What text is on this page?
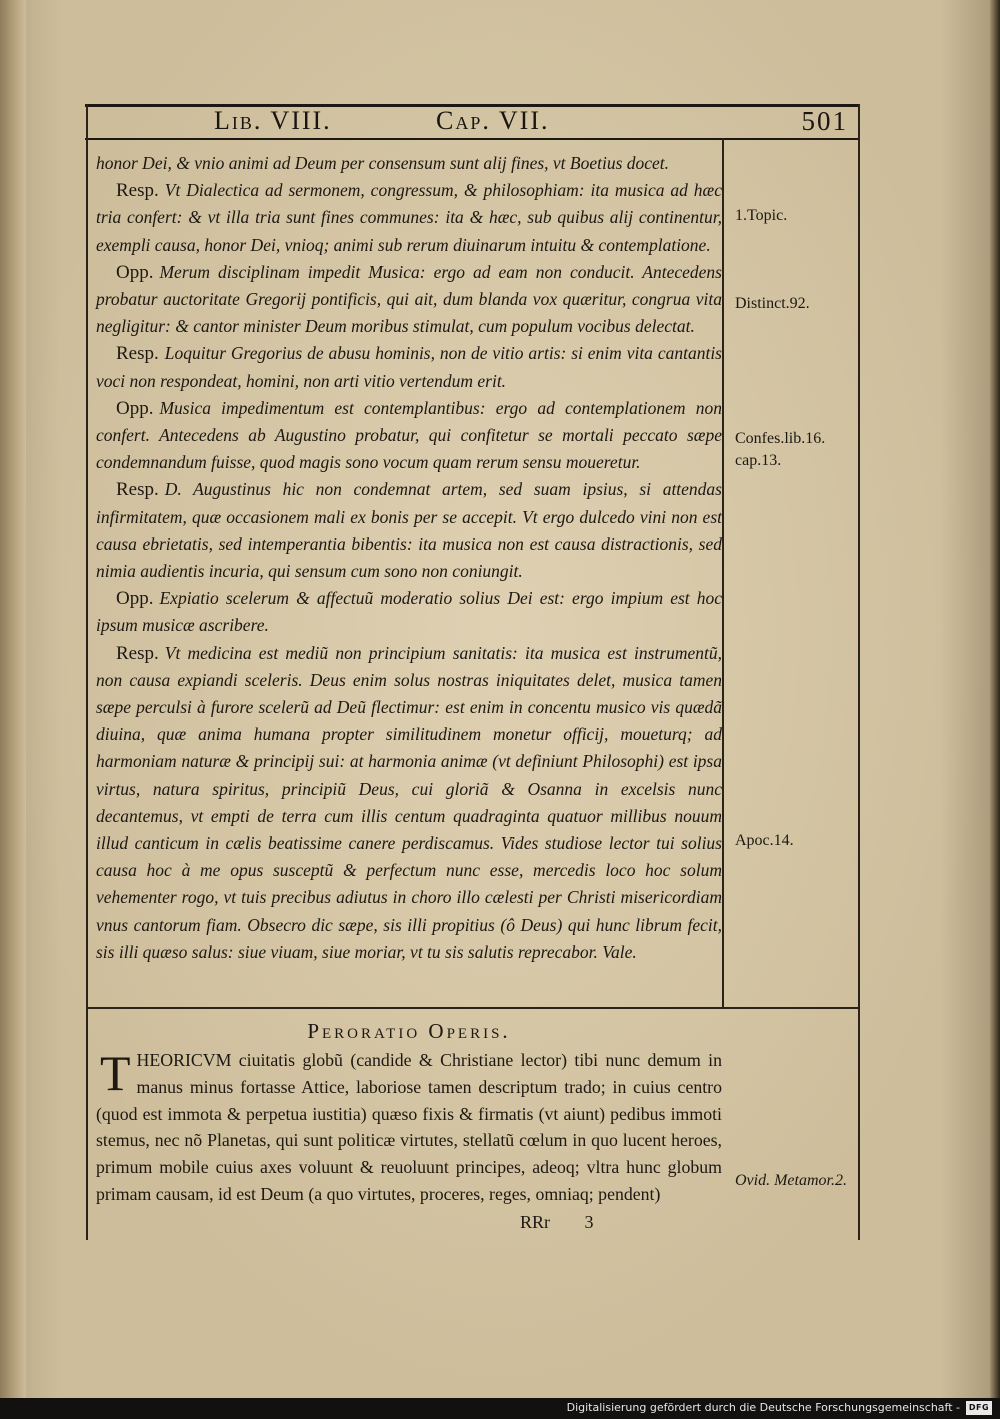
Lib. VIII.	Cap. VII.	501

honor Dei, & vnio animi ad Deum per consensum sunt alij fines, vt Boetius docet.

Resp. Vt Dialectica ad sermonem, congressum, & philosophiam: ita musica ad hæc tria confert: & vt illa tria sunt fines communes: ita & hæc, sub quibus alij continentur, exempli causa, honor Dei, vnioq; animi sub rerum diuinarum intuitu & contemplatione.

Opp. Merum disciplinam impedit Musica: ergo ad eam non conducit. Antecedens probatur auctoritate Gregorij pontificis, qui ait, dum blanda vox quæritur, congrua vita negligitur: & cantor minister Deum moribus stimulat, cum populum vocibus delectat.

Resp. Loquitur Gregorius de abusu hominis, non de vitio artis: si enim vita cantantis voci non respondeat, homini, non arti vitio vertendum erit.

Opp. Musica impedimentum est contemplantibus: ergo ad contemplationem non confert. Antecedens ab Augustino probatur, qui confitetur se mortali peccato sæpe condemnandum fuisse, quod magis sono vocum quam rerum sensu moueretur.

Resp. D. Augustinus hic non condemnat artem, sed suam ipsius, si attendas infirmitatem, quæ occasionem mali ex bonis per se accepit. Vt ergo dulcedo vini non est causa ebrietatis, sed intemperantia bibentis: ita musica non est causa distractionis, sed nimia audientis incuria, qui sensum cum sono non coniungit.

Opp. Expiatio scelerum & affectuũ moderatio solius Dei est: ergo impium est hoc ipsum musicæ ascribere.

Resp. Vt medicina est mediũ non principium sanitatis: ita musica est instrumentũ, non causa expiandi sceleris. Deus enim solus nostras iniquitates delet, musica tamen sæpe perculsi à furore scelerũ ad Deũ flectimur: est enim in concentu musico vis quædã diuina, quæ anima humana propter similitudinem monetur officij, moueturq; ad harmoniam naturæ & principij sui: at harmonia animæ (vt definiunt Philosophi) est ipsa virtus, natura spiritus, principiũ Deus, cui gloriã & Osanna in excelsis nunc decantemus, vt empti de terra cum illis centum quadraginta quatuor millibus nouum illud canticum in cælis beatissime canere perdiscamus. Vides studiose lector tui solius causa hoc à me opus susceptũ & perfectum nunc esse, mercedis loco hoc solum vehementer rogo, vt tuis precibus adiutus in choro illo cælesti per Christi misericordiam vnus cantorum fiam. Obsecro dic sæpe, sis illi propitius (ô Deus) qui hunc librum fecit, sis illi quæso salus: siue viuam, siue moriar, vt tu sis salutis reprecabor. Vale.

1.Topic.
Distinct.92.
Confes.lib.16. cap.13.
Apoc.14.
Ovid. Metamor.2.
Peroratio Operis.

THEORICVM ciuitatis globũ (candide & Christiane lector) tibi nunc demum in manus minus fortasse Attice, laboriose tamen descriptum trado; in cuius centro (quod est immota & perpetua iustitia) quæso fixis & firmatis (vt aiunt) pedibus immoti stemus, nec nõ Planetas, qui sunt politicæ virtutes, stellatũ cœlum in quo lucent heroes, primum mobile cuius axes voluunt & reuoluunt principes, adeoq; vltra hunc globum primam causam, id est Deum (a quo virtutes, proceres, reges, omniaq; pendent)

RRr 3
Digitalisierung gefördert durch die Deutsche Forschungsgemeinschaft -	DFG
